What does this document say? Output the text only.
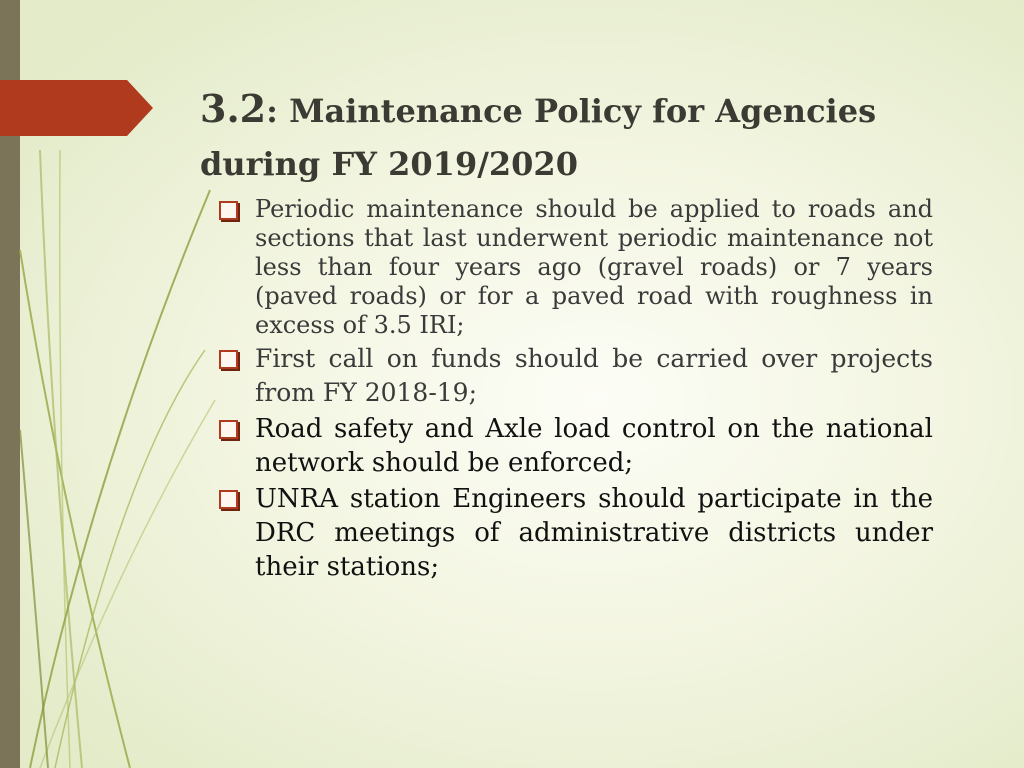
3.2: Maintenance Policy for Agencies during FY 2019/2020
Periodic maintenance should be applied to roads and sections that last underwent periodic maintenance not less than four years ago (gravel roads) or 7 years (paved roads) or for a paved road with roughness in excess of 3.5 IRI;
First call on funds should be carried over projects from FY 2018-19;
Road safety and Axle load control on the national network should be enforced;
UNRA station Engineers should participate in the DRC meetings of administrative districts under their stations;
